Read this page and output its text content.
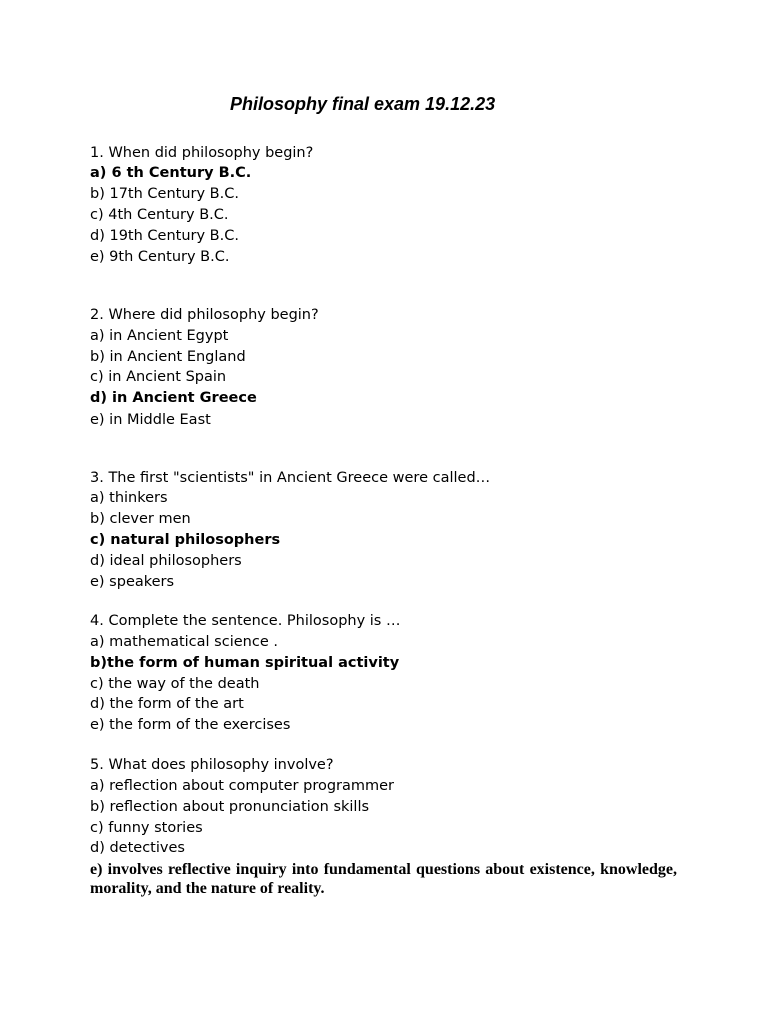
Philosophy final exam 19.12.23
1. When did philosophy begin?
a) 6 th Century B.C.
b) 17th Century B.C.
c) 4th Century B.C.
d) 19th Century B.C.
e) 9th Century B.C.
2. Where did philosophy begin?
a) in Ancient Egypt
b) in Ancient England
c) in Ancient Spain
d) in Ancient Greece
e) in Middle East
3. The first "scientists" in Ancient Greece were called…
a) thinkers
b) clever men
c) natural philosophers
d) ideal philosophers
e) speakers
4. Complete the sentence. Philosophy is …
a) mathematical science .
b)the form of human spiritual activity
c) the way of the death
d) the form of the art
e) the form of the exercises
5. What does philosophy involve?
a) reflection about computer programmer
b) reflection about pronunciation skills
c) funny stories
d) detectives
e) involves reflective inquiry into fundamental questions about existence, knowledge, morality, and the nature of reality.
